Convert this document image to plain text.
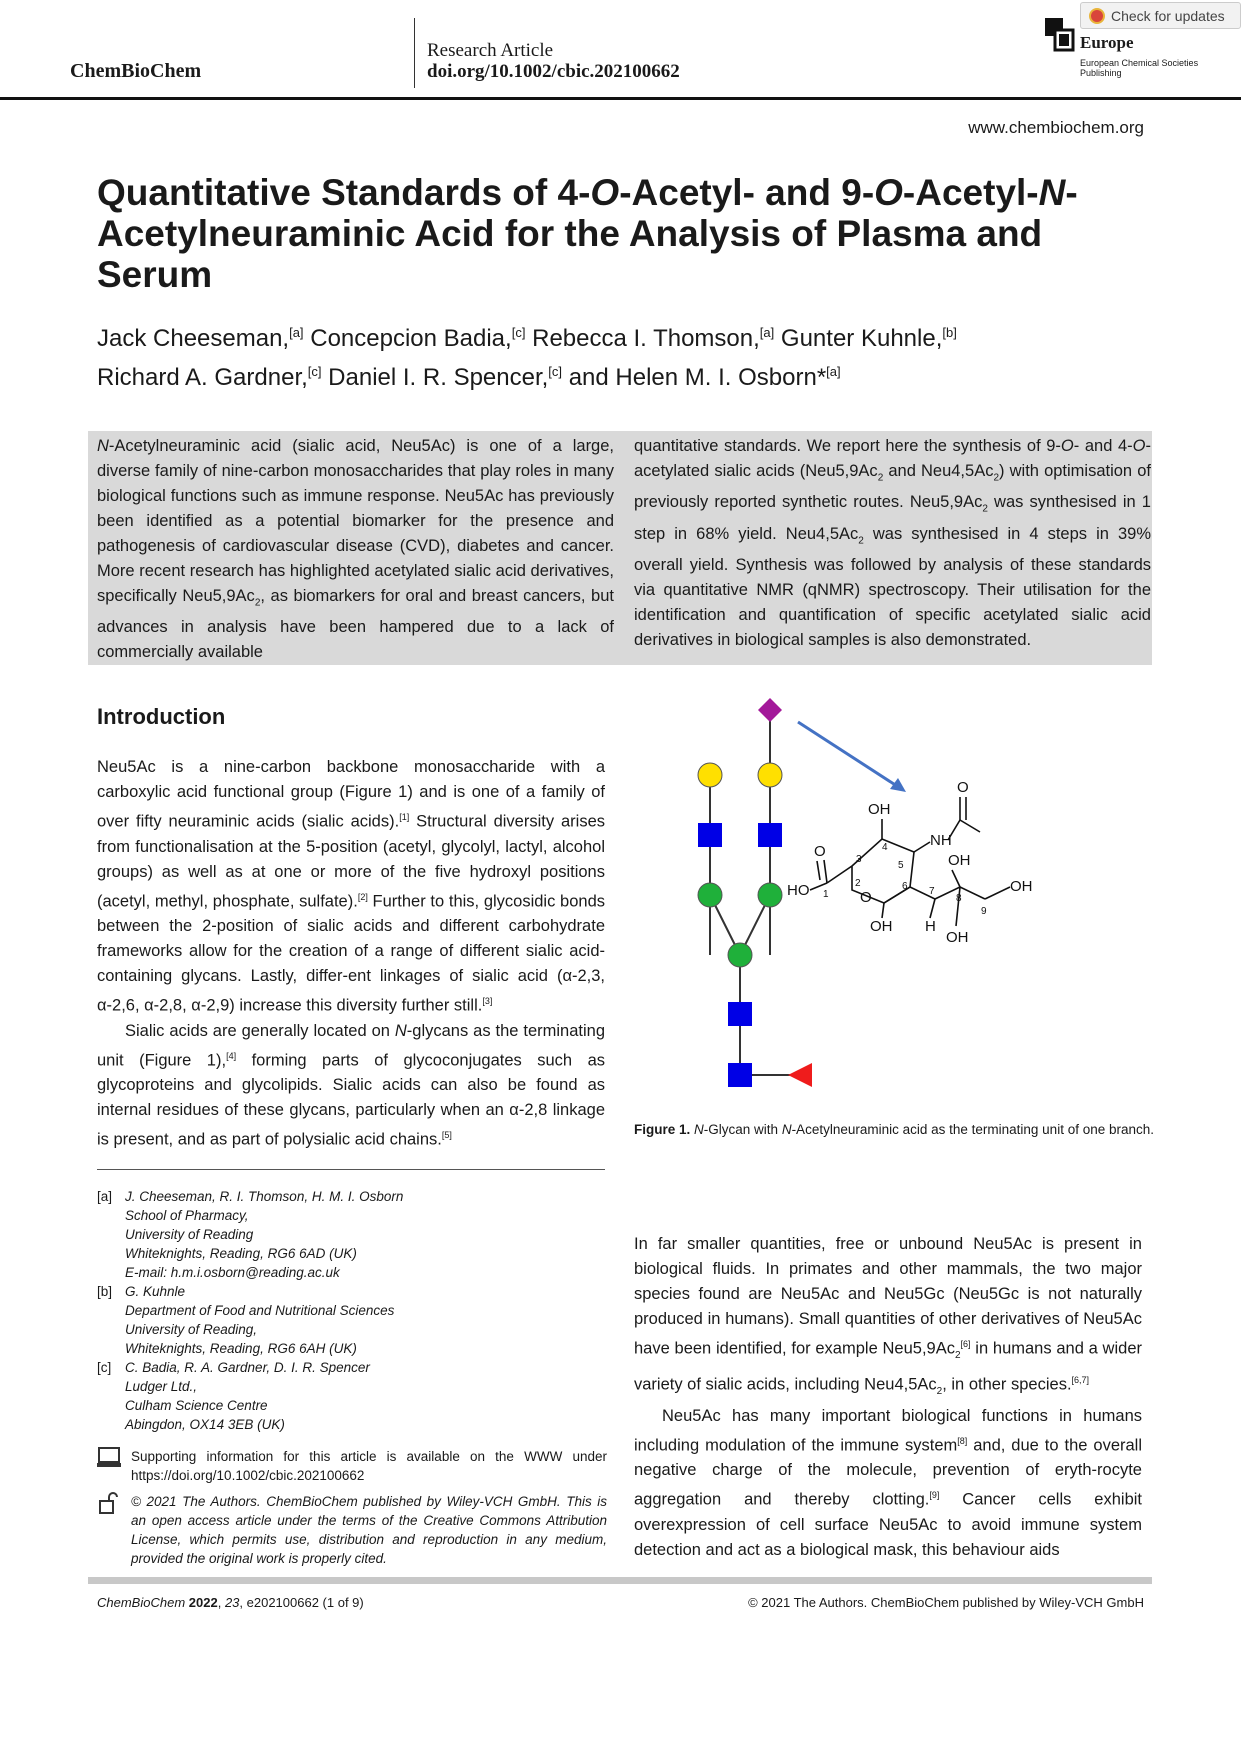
ChemBioChem
Research Article
doi.org/10.1002/cbic.202100662
Europe
European Chemical Societies Publishing
Check for updates
www.chembiochem.org
Quantitative Standards of 4-O-Acetyl- and 9-O-Acetyl-N-
Acetylneuraminic Acid for the Analysis of Plasma and
Serum
Jack Cheeseman,[a] Concepcion Badia,[c] Rebecca I. Thomson,[a] Gunter Kuhnle,[b]
Richard A. Gardner,[c] Daniel I. R. Spencer,[c] and Helen M. I. Osborn*[a]
N-Acetylneuraminic acid (sialic acid, Neu5Ac) is one of a large, diverse family of nine-carbon monosaccharides that play roles in many biological functions such as immune response. Neu5Ac has previously been identified as a potential biomarker for the presence and pathogenesis of cardiovascular disease (CVD), diabetes and cancer. More recent research has highlighted acetylated sialic acid derivatives, specifically $Neu5,9Ac_2$, as biomarkers for oral and breast cancers, but advances in analysis have been hampered due to a lack of commercially available
quantitative standards. We report here the synthesis of 9-O- and 4-O-acetylated sialic acids ($Neu5,9Ac_2$ and $Neu4,5Ac_2$) with optimisation of previously reported synthetic routes. $Neu5,9Ac_2$ was synthesised in 1 step in 68% yield. $Neu4,5Ac_2$ was synthesised in 4 steps in 39% overall yield. Synthesis was followed by analysis of these standards via quantitative NMR (qNMR) spectroscopy. Their utilisation for the identification and quantification of specific acetylated sialic acid derivatives in biological samples is also demonstrated.
Introduction

Neu5Ac is a nine-carbon backbone monosaccharide with a carboxylic acid functional group (Figure 1) and is one of a family of over fifty neuraminic acids (sialic acids).[1] Structural diversity arises from functionalisation at the 5-position (acetyl, glycolyl, lactyl, alcohol groups) as well as at one or more of the five hydroxyl positions (acetyl, methyl, phosphate, sulfate).[2] Further to this, glycosidic bonds between the 2-position of sialic acids and different carbohydrate frameworks allow for the creation of a range of different sialic acid-containing glycans. Lastly, differ-ent linkages of sialic acid (α-2,3, α-2,6, α-2,8, α-2,9) increase this diversity further still.[3]

Sialic acids are generally located on N-glycans as the terminating unit (Figure 1),[4] forming parts of glycoconjugates such as glycoproteins and glycolipids. Sialic acids can also be found as internal residues of these glycans, particularly when an α-2,8 linkage is present, and as part of polysialic acid chains.[5]

[a] J. Cheeseman, R. I. Thomson, H. M. I. Osborn
School of Pharmacy,
University of Reading
Whiteknights, Reading, RG6 6AD (UK)
E-mail: h.m.i.osborn@reading.ac.uk
[b] G. Kuhnle
Department of Food and Nutritional Sciences
University of Reading,
Whiteknights, Reading, RG6 6AH (UK)
[c]	C. Badia, R. A. Gardner, D. I. R. Spencer
Ludger Ltd.,
Culham Science Centre
Abingdon, OX14 3EB (UK)
Supporting information for this article is available on the WWW under https://doi.org/10.1002/cbic.202100662
© 2021 The Authors. ChemBioChem published by Wiley-VCH GmbH. This is an open access article under the terms of the Creative Commons Attribution License, which permits use, distribution and reproduction in any medium, provided the original work is properly cited.
OH
NH
O
OH
HO
O
OH
OH H
OH
O
1
2
3
4
5
6 7
8
9
Figure 1. N-Glycan with N-Acetylneuraminic acid as the terminating unit of one branch.

In far smaller quantities, free or unbound Neu5Ac is present in biological fluids. In primates and other mammals, the two major species found are Neu5Ac and Neu5Gc (Neu5Gc is not naturally produced in humans). Small quantities of other derivatives of Neu5Ac have been identified, for example $Neu5,9Ac_2[6]$ in humans and a wider variety of sialic acids, including $Neu4,5Ac_2$, in other species.[6,7]

Neu5Ac has many important biological functions in humans including modulation of the immune system[8] and, due to the overall negative charge of the molecule, prevention of eryth-rocyte aggregation and thereby clotting.[9] Cancer cells exhibit overexpression of cell surface Neu5Ac to avoid immune system detection and act as a biological mask, this behaviour aids

ChemBioChem 2022, 23, e202100662 (1 of 9)	© 2021 The Authors. ChemBioChem published by Wiley-VCH GmbH
